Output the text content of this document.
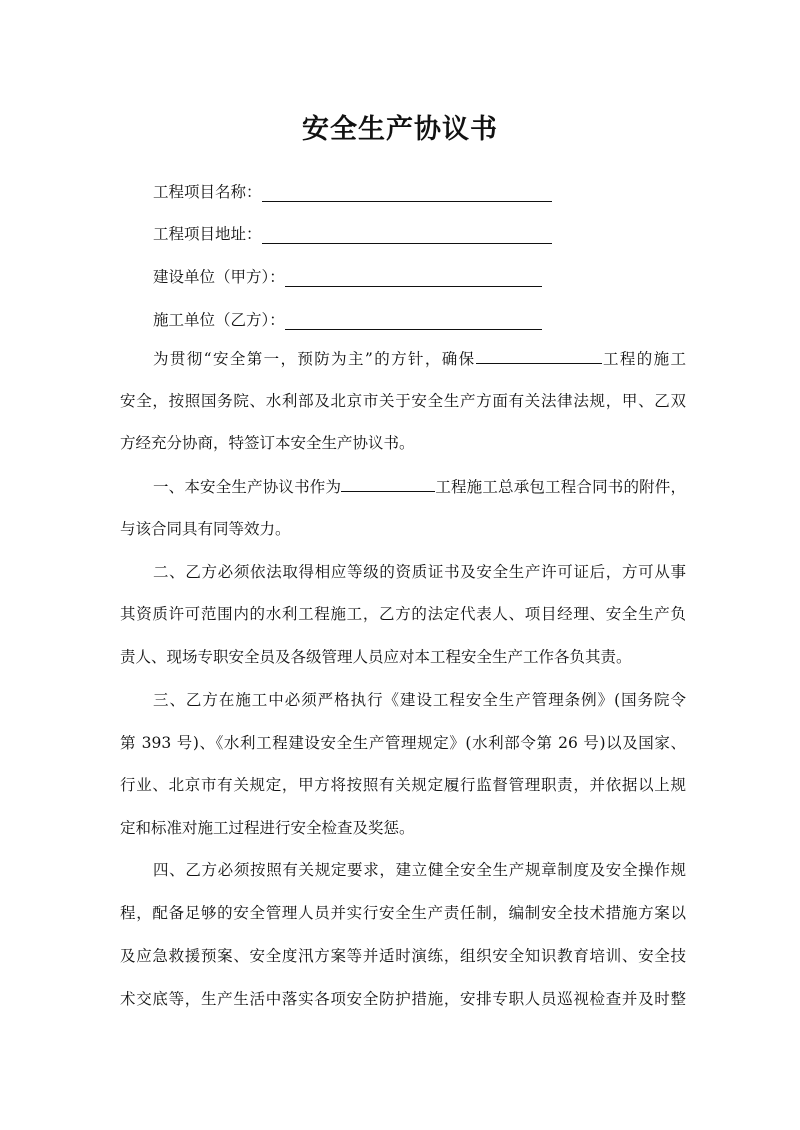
安全生产协议书
工程项目名称：
工程项目地址：
建设单位（甲方）：
施工单位（乙方）：
为贯彻“安全第一，预防为主”的方针，确保	工程的施工
安全，按照国务院、水利部及北京市关于安全生产方面有关法律法规，甲、乙双
方经充分协商，特签订本安全生产协议书。
一、本安全生产协议书作为	工程施工总承包工程合同书的附件，
与该合同具有同等效力。
二、乙方必须依法取得相应等级的资质证书及安全生产许可证后，方可从事
其资质许可范围内的水利工程施工，乙方的法定代表人、项目经理、安全生产负
责人、现场专职安全员及各级管理人员应对本工程安全生产工作各负其责。
三、乙方在施工中必须严格执行《建设工程安全生产管理条例》(国务院令
第 393 号)、《水利工程建设安全生产管理规定》(水利部令第 26 号)以及国家、
行业、北京市有关规定，甲方将按照有关规定履行监督管理职责，并依据以上规
定和标准对施工过程进行安全检查及奖惩。
四、乙方必须按照有关规定要求，建立健全安全生产规章制度及安全操作规
程，配备足够的安全管理人员并实行安全生产责任制，编制安全技术措施方案以
及应急救援预案、安全度汛方案等并适时演练，组织安全知识教育培训、安全技
术交底等，生产生活中落实各项安全防护措施，安排专职人员巡视检查并及时整
